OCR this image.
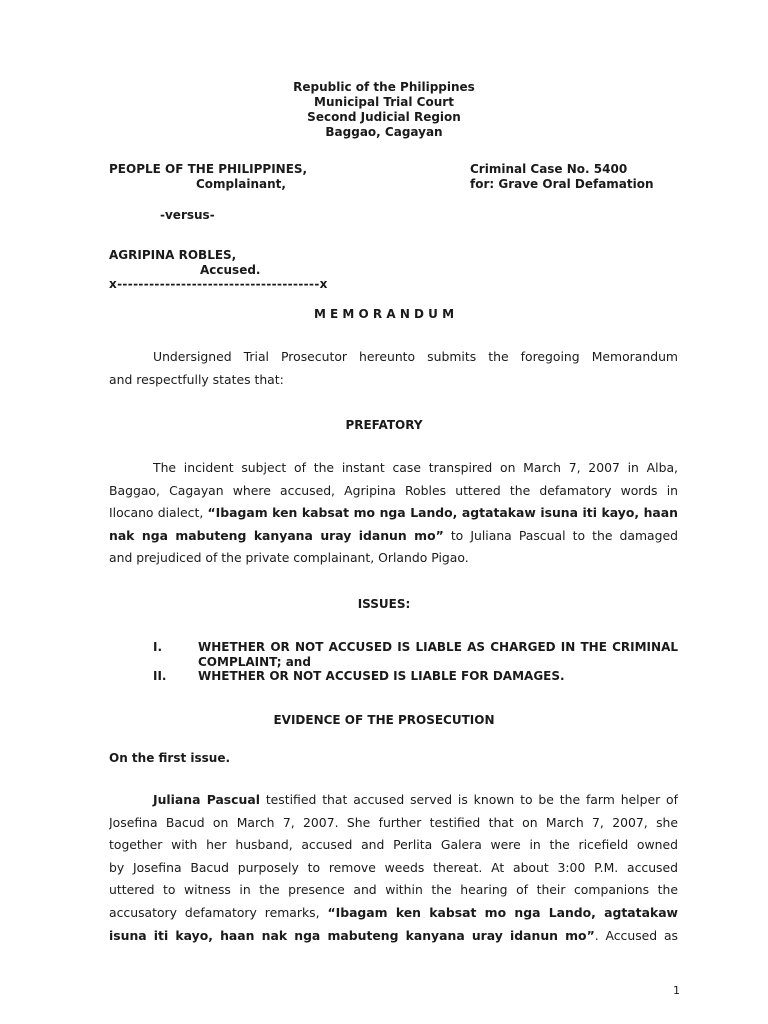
Republic of the Philippines
Municipal Trial Court
Second Judicial Region
Baggao, Cagayan
PEOPLE OF THE PHILIPPINES,
Complainant,
Criminal Case No. 5400
for: Grave Oral Defamation
-versus-
AGRIPINA ROBLES,
Accused.
x--------------------------------------x
M E M O R A N D U M
Undersigned Trial Prosecutor hereunto submits the foregoing Memorandum
and respectfully states that:
PREFATORY
The incident subject of the instant case transpired on March 7, 2007 in Alba,
Baggao, Cagayan where accused, Agripina Robles uttered the defamatory words in
Ilocano dialect, “Ibagam ken kabsat mo nga Lando, agtatakaw isuna iti kayo, haan
nak nga mabuteng kanyana uray idanun mo” to Juliana Pascual to the damaged
and prejudiced of the private complainant, Orlando Pigao.
ISSUES:
I.	WHETHER OR NOT ACCUSED IS LIABLE AS CHARGED IN THE CRIMINAL
COMPLAINT; and
II.	WHETHER OR NOT ACCUSED IS LIABLE FOR DAMAGES.
EVIDENCE OF THE PROSECUTION
On the first issue.
Juliana Pascual testified that accused served is known to be the farm helper of
Josefina Bacud on March 7, 2007. She further testified that on March 7, 2007, she
together with her husband, accused and Perlita Galera were in the ricefield owned
by Josefina Bacud purposely to remove weeds thereat. At about 3:00 P.M. accused
uttered to witness in the presence and within the hearing of their companions the
accusatory defamatory remarks, “Ibagam ken kabsat mo nga Lando, agtatakaw
isuna iti kayo, haan nak nga mabuteng kanyana uray idanun mo”. Accused as
1
